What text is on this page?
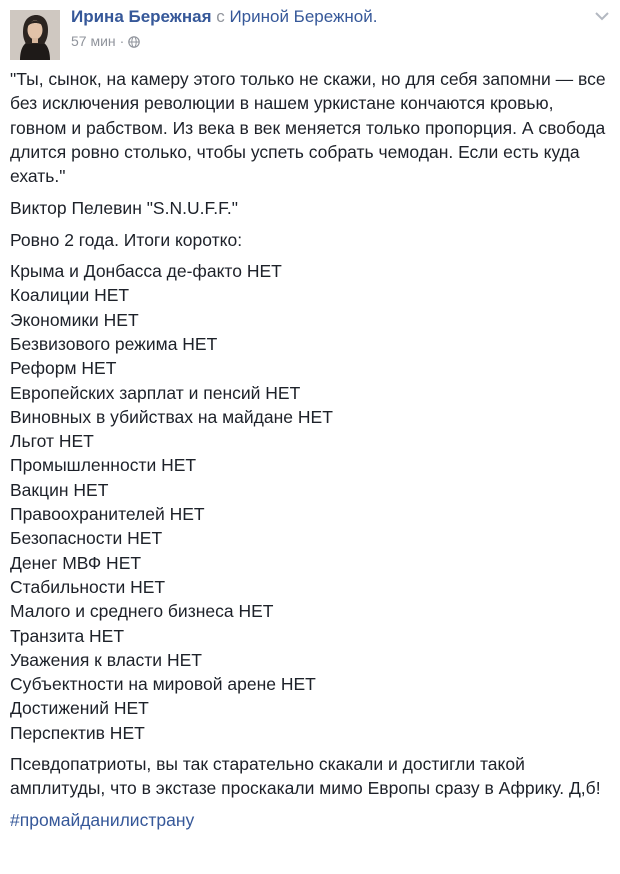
Ирина Бережная с Ириной Бережной.
57 мин ·

"Ты, сынок, на камеру этого только не скажи, но для себя запомни — все без исключения революции в нашем уркистане кончаются кровью, говном и рабством. Из века в век меняется только пропорция. А свобода длится ровно столько, чтобы успеть собрать чемодан. Если есть куда ехать."

Виктор Пелевин "S.N.U.F.F."

Ровно 2 года. Итоги коротко:

Крыма и Донбасса де-факто НЕТ
Коалиции НЕТ
Экономики НЕТ
Безвизового режима НЕТ
Реформ НЕТ
Европейских зарплат и пенсий НЕТ
Виновных в убийствах на майдане НЕТ
Льгот НЕТ
Промышленности НЕТ
Вакцин НЕТ
Правоохранителей НЕТ
Безопасности НЕТ
Денег МВФ НЕТ
Стабильности НЕТ
Малого и среднего бизнеса НЕТ
Транзита НЕТ
Уважения к власти НЕТ
Субъектности на мировой арене НЕТ
Достижений НЕТ
Перспектив НЕТ

Псевдопатриоты, вы так старательно скакали и достигли такой амплитуды, что в экстазе проскакали мимо Европы сразу в Африку. Д,б!

#промайданилистрану
